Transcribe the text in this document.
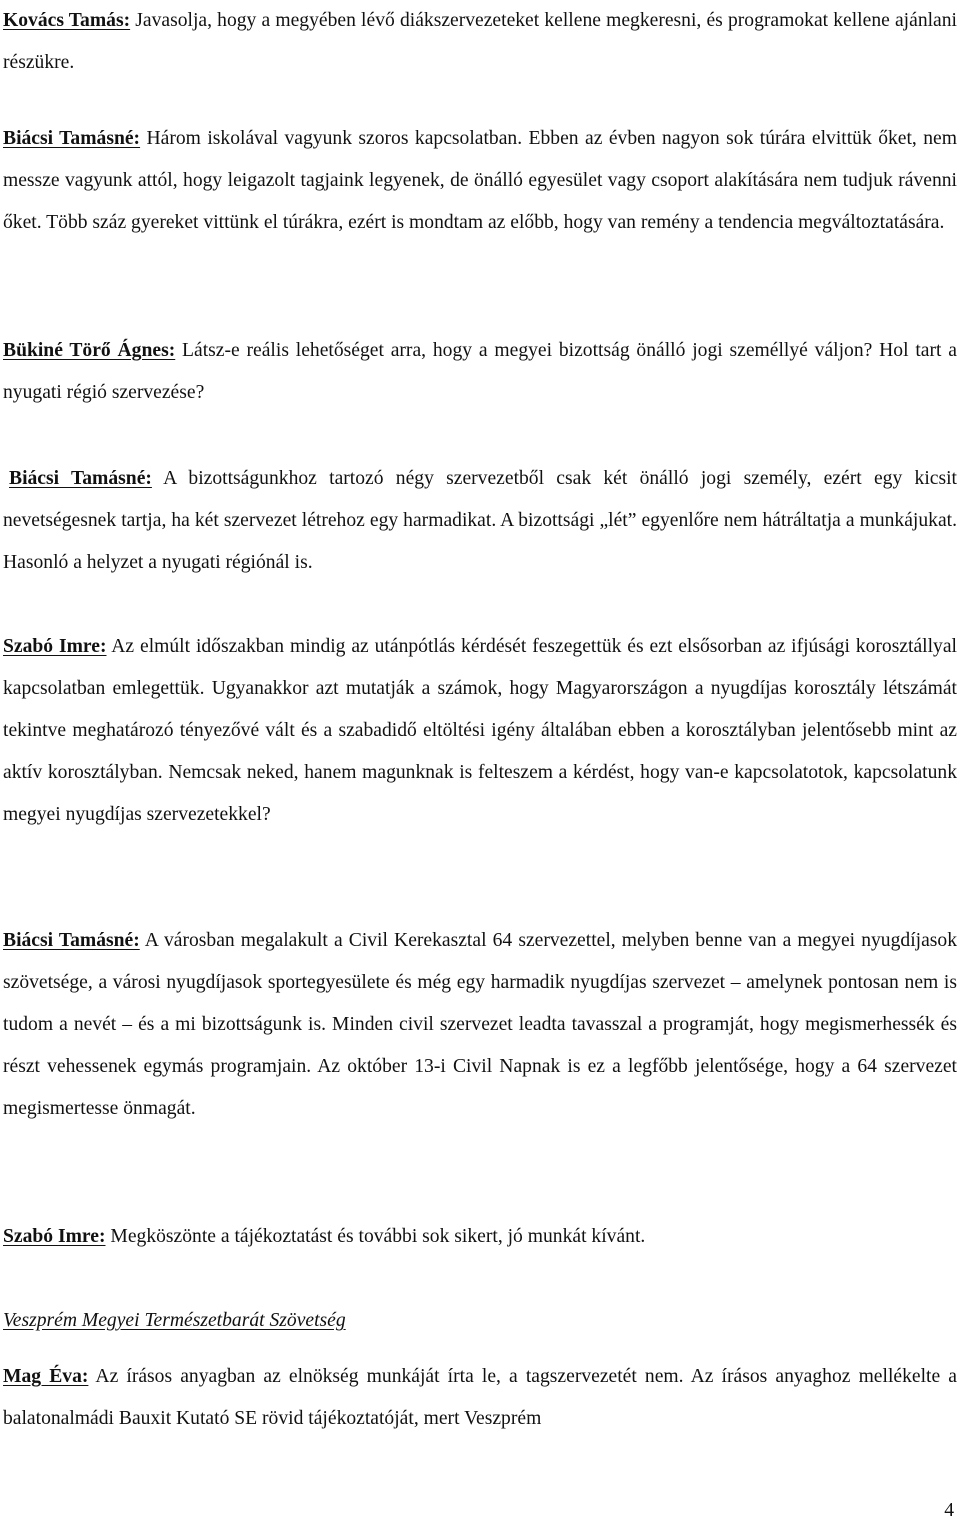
Kovács Tamás: Javasolja, hogy a megyében lévő diákszervezeteket kellene megkeresni, és programokat kellene ajánlani részükre.

Biácsi Tamásné: Három iskolával vagyunk szoros kapcsolatban. Ebben az évben nagyon sok túrára elvittük őket, nem messze vagyunk attól, hogy leigazolt tagjaink legyenek, de önálló egyesület vagy csoport alakítására nem tudjuk rávenni őket. Több száz gyereket vittünk el túrákra, ezért is mondtam az előbb, hogy van remény a tendencia megváltoztatására.

Bükiné Törő Ágnes: Látsz-e reális lehetőséget arra, hogy a megyei bizottság önálló jogi személlyé váljon? Hol tart a nyugati régió szervezése?

Biácsi Tamásné: A bizottságunkhoz tartozó négy szervezetből csak két önálló jogi személy, ezért egy kicsit nevetségesnek tartja, ha két szervezet létrehoz egy harmadikat. A bizottsági „lét” egyenlőre nem hátráltatja a munkájukat. Hasonló a helyzet a nyugati régiónál is.

Szabó Imre: Az elmúlt időszakban mindig az utánpótlás kérdését feszegettük és ezt elsősorban az ifjúsági korosztállyal kapcsolatban emlegettük. Ugyanakkor azt mutatják a számok, hogy Magyarországon a nyugdíjas korosztály létszámát tekintve meghatározó tényezővé vált és a szabadidő eltöltési igény általában ebben a korosztályban jelentősebb mint az aktív korosztályban. Nemcsak neked, hanem magunknak is felteszem a kérdést, hogy van-e kapcsolatotok, kapcsolatunk megyei nyugdíjas szervezetekkel?

Biácsi Tamásné: A városban megalakult a Civil Kerekasztal 64 szervezettel, melyben benne van a megyei nyugdíjasok szövetsége, a városi nyugdíjasok sportegyesülete és még egy harmadik nyugdíjas szervezet – amelynek pontosan nem is tudom a nevét – és a mi bizottságunk is. Minden civil szervezet leadta tavasszal a programját, hogy megismerhessék és részt vehessenek egymás programjain. Az október 13-i Civil Napnak is ez a legfőbb jelentősége, hogy a 64 szervezet megismertesse önmagát.

Szabó Imre: Megköszönte a tájékoztatást és további sok sikert, jó munkát kívánt.

Veszprém Megyei Természetbarát Szövetség

Mag Éva: Az írásos anyagban az elnökség munkáját írta le, a tagszervezetét nem. Az írásos anyaghoz mellékelte a balatonalmádi Bauxit Kutató SE rövid tájékoztatóját, mert Veszprém

4
